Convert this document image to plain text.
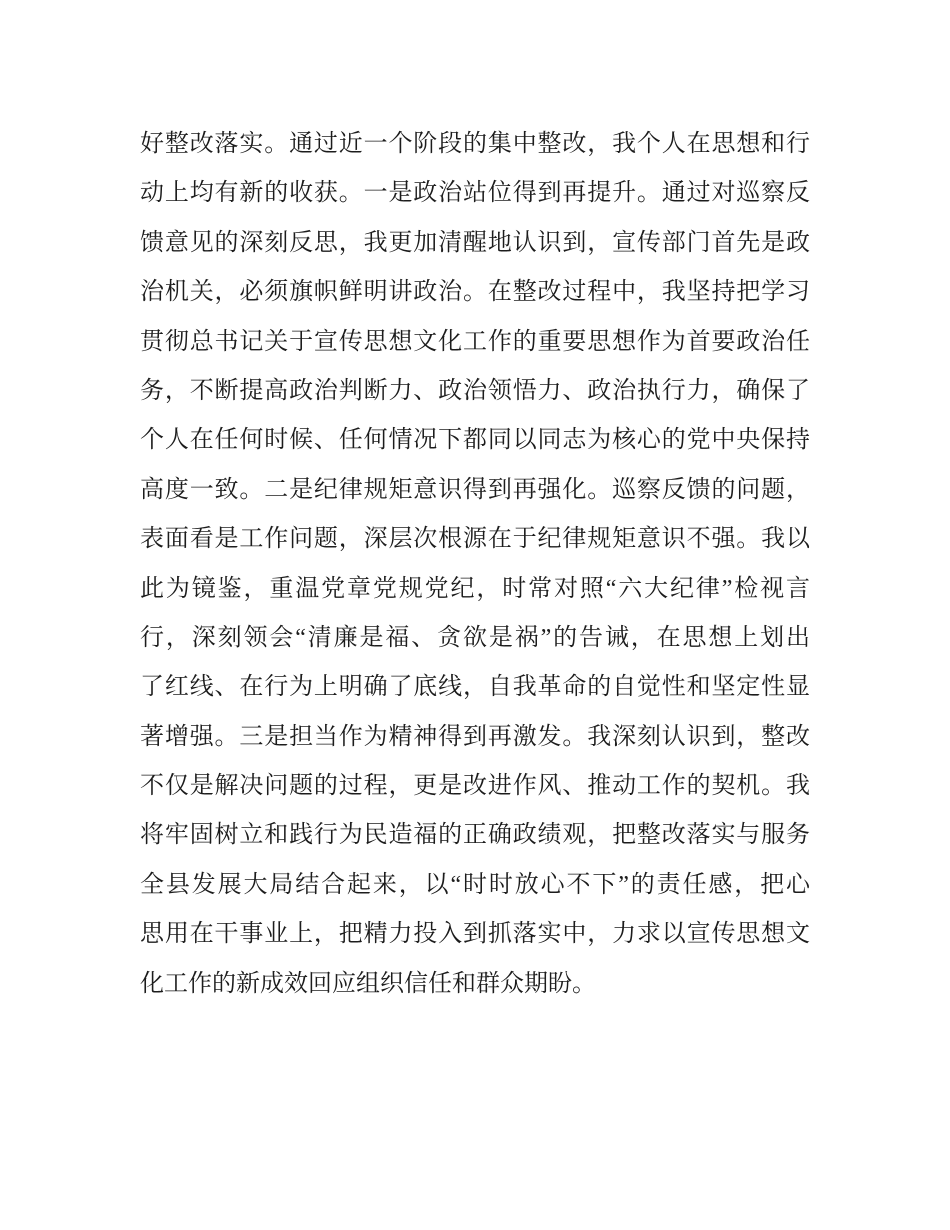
好整改落实。通过近一个阶段的集中整改，我个人在思想和行
动上均有新的收获。一是政治站位得到再提升。通过对巡察反
馈意见的深刻反思，我更加清醒地认识到，宣传部门首先是政
治机关，必须旗帜鲜明讲政治。在整改过程中，我坚持把学习
贯彻总书记关于宣传思想文化工作的重要思想作为首要政治任
务，不断提高政治判断力、政治领悟力、政治执行力，确保了
个人在任何时候、任何情况下都同以同志为核心的党中央保持
高度一致。二是纪律规矩意识得到再强化。巡察反馈的问题，
表面看是工作问题，深层次根源在于纪律规矩意识不强。我以
此为镜鉴，重温党章党规党纪，时常对照“六大纪律”检视言
行，深刻领会“清廉是福、贪欲是祸”的告诫，在思想上划出
了红线、在行为上明确了底线，自我革命的自觉性和坚定性显
著增强。三是担当作为精神得到再激发。我深刻认识到，整改
不仅是解决问题的过程，更是改进作风、推动工作的契机。我
将牢固树立和践行为民造福的正确政绩观，把整改落实与服务
全县发展大局结合起来，以“时时放心不下”的责任感，把心
思用在干事业上，把精力投入到抓落实中，力求以宣传思想文
化工作的新成效回应组织信任和群众期盼。
